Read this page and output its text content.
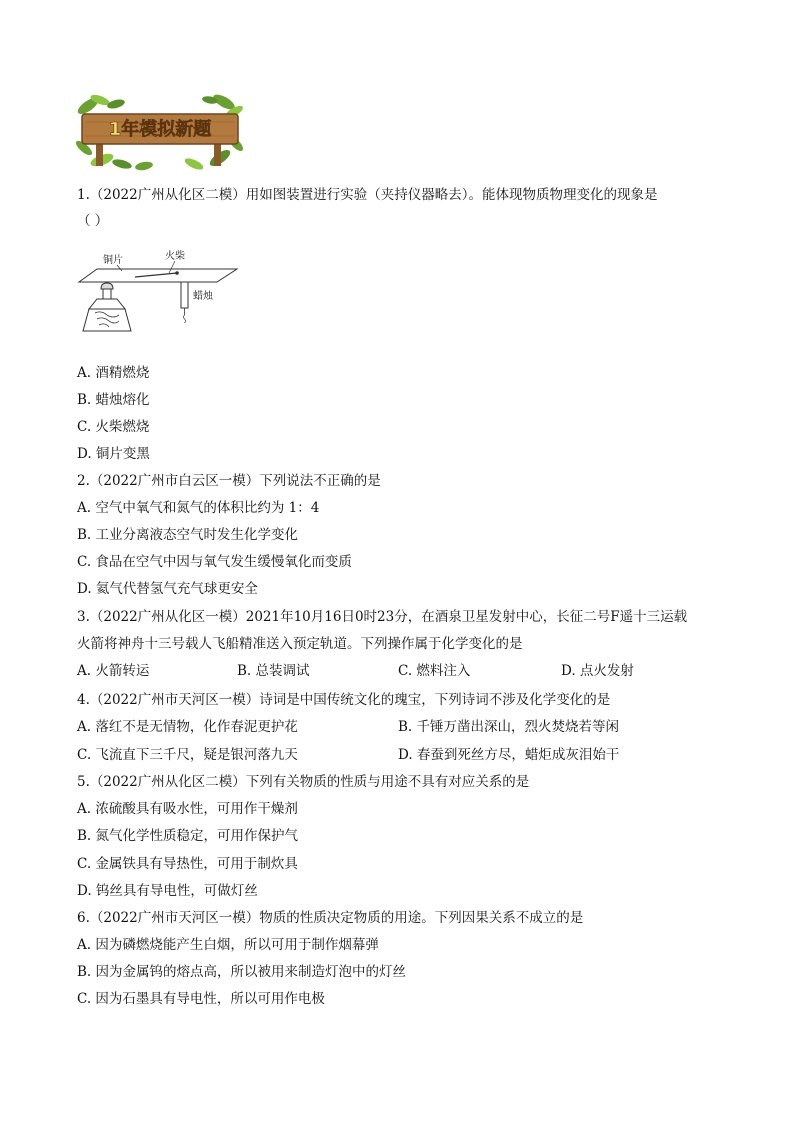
1年模拟新题
1.（2022广州从化区二模）用如图装置进行实验（夹持仪器略去）。能体现物质物理变化的现象是
（ ）
铜片	火柴
蜡烛
A. 酒精燃烧
B. 蜡烛熔化
C. 火柴燃烧
D. 铜片变黑
2.（2022广州市白云区一模）下列说法不正确的是
A. 空气中氧气和氮气的体积比约为 1：4
B. 工业分离液态空气时发生化学变化
C. 食品在空气中因与氧气发生缓慢氧化而变质
D. 氦气代替氢气充气球更安全
3.（2022广州从化区一模）2021年10月16日0时23分，在酒泉卫星发射中心，长征二号F遥十三运载
火箭将神舟十三号载人飞船精准送入预定轨道。下列操作属于化学变化的是
A. 火箭转运	B. 总装调试	C. 燃料注入	D. 点火发射
4.（2022广州市天河区一模）诗词是中国传统文化的瑰宝，下列诗词不涉及化学变化的是
A. 落红不是无情物，化作春泥更护花	B. 千锤万凿出深山，烈火焚烧若等闲
C. 飞流直下三千尺，疑是银河落九天	D. 春蚕到死丝方尽，蜡炬成灰泪始干
5.（2022广州从化区二模）下列有关物质的性质与用途不具有对应关系的是
A. 浓硫酸具有吸水性，可用作干燥剂
B. 氮气化学性质稳定，可用作保护气
C. 金属铁具有导热性，可用于制炊具
D. 钨丝具有导电性，可做灯丝
6.（2022广州市天河区一模）物质的性质决定物质的用途。下列因果关系不成立的是
A. 因为磷燃烧能产生白烟，所以可用于制作烟幕弹
B. 因为金属钨的熔点高，所以被用来制造灯泡中的灯丝
C. 因为石墨具有导电性，所以可用作电极
